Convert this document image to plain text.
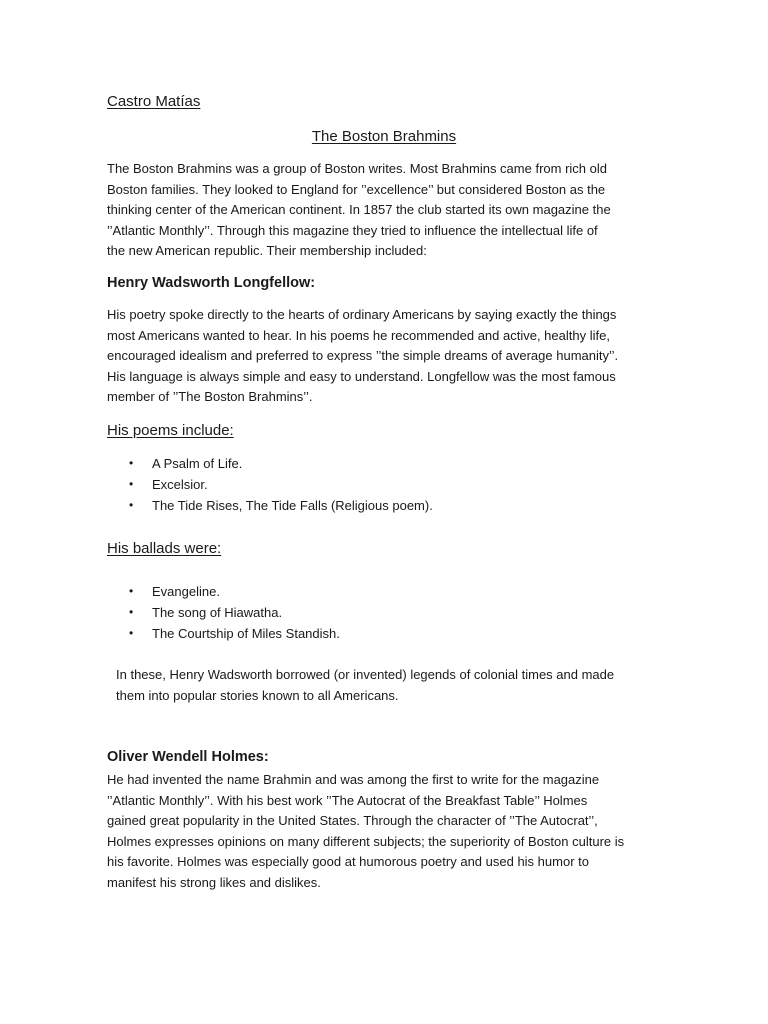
Castro Matías
The Boston Brahmins

The Boston Brahmins was a group of Boston writes. Most Brahmins came from rich old
Boston families. They looked to England for ’’excellence’’ but considered Boston as the
thinking center of the American continent. In 1857 the club started its own magazine the
’’Atlantic Monthly’’. Through this magazine they tried to influence the intellectual life of
the new American republic. Their membership included:

Henry Wadsworth Longfellow:

His poetry spoke directly to the hearts of ordinary Americans by saying exactly the things
most Americans wanted to hear. In his poems he recommended and active, healthy life,
encouraged idealism and preferred to express ’’the simple dreams of average humanity’’.
His language is always simple and easy to understand. Longfellow was the most famous
member of ’’The Boston Brahmins’’.

His poems include:
• A Psalm of Life.
• Excelsior.
• The Tide Rises, The Tide Falls (Religious poem).
His ballads were:
• Evangeline.
• The song of Hiawatha.
• The Courtship of Miles Standish.

In these, Henry Wadsworth borrowed (or invented) legends of colonial times and made
them into popular stories known to all Americans.

Oliver Wendell Holmes:

He had invented the name Brahmin and was among the first to write for the magazine
’’Atlantic Monthly’’. With his best work ’’The Autocrat of the Breakfast Table’’ Holmes
gained great popularity in the United States. Through the character of ’’The Autocrat’’,
Holmes expresses opinions on many different subjects; the superiority of Boston culture is
his favorite. Holmes was especially good at humorous poetry and used his humor to
manifest his strong likes and dislikes.
